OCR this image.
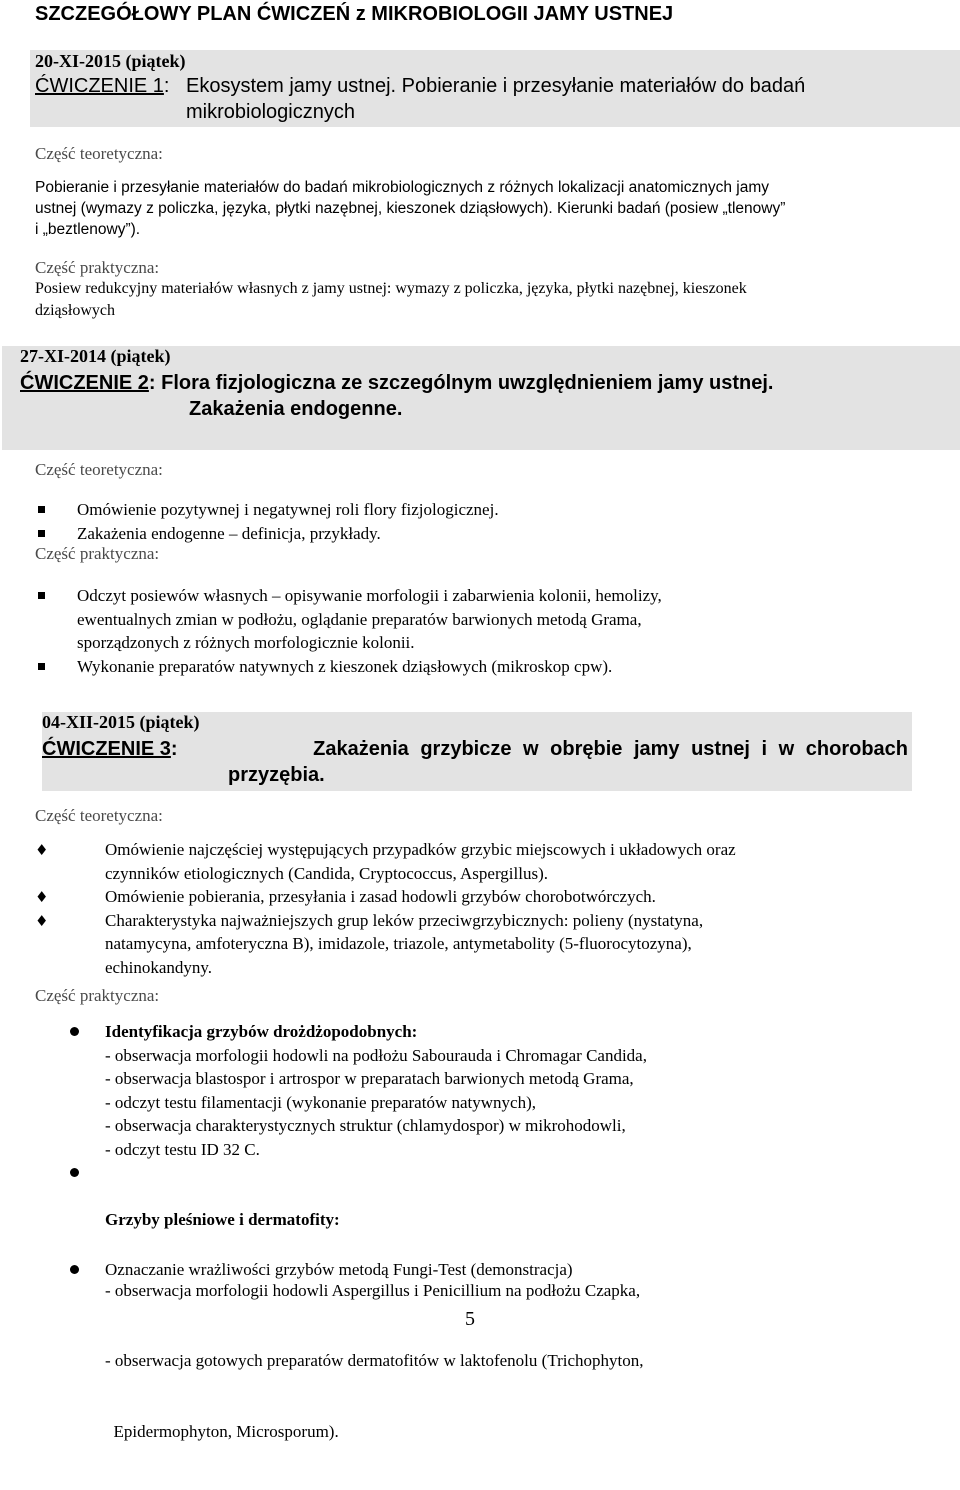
SZCZEGÓŁOWY PLAN ĆWICZEŃ z MIKROBIOLOGII JAMY USTNEJ
20-XI-2015 (piątek)
ĆWICZENIE 1: Ekosystem jamy ustnej. Pobieranie i przesyłanie materiałów do badań
mikrobiologicznych
Część teoretyczna:
Pobieranie i przesyłanie materiałów do badań mikrobiologicznych z różnych lokalizacji anatomicznych jamy
ustnej (wymazy z policzka, języka, płytki nazębnej, kieszonek dziąsłowych). Kierunki badań (posiew „tlenowy”
i „beztlenowy”).
Część praktyczna:
Posiew redukcyjny materiałów własnych z jamy ustnej: wymazy z policzka, języka, płytki nazębnej, kieszonek
dziąsłowych
27-XI-2014 (piątek)
ĆWICZENIE 2: Flora fizjologiczna ze szczególnym uwzględnieniem jamy ustnej.
Zakażenia endogenne.
Część teoretyczna:
Omówienie pozytywnej i negatywnej roli flory fizjologicznej.
Zakażenia endogenne – definicja, przykłady.
Część praktyczna:
Odczyt posiewów własnych – opisywanie morfologii i zabarwienia kolonii, hemolizy,
ewentualnych zmian w podłożu, oglądanie preparatów barwionych metodą Grama,
sporządzonych z różnych morfologicznie kolonii.
Wykonanie preparatów natywnych z kieszonek dziąsłowych (mikroskop cpw).
04-XII-2015 (piątek)
ĆWICZENIE 3:	Zakażenia grzybicze w obrębie jamy ustnej i w chorobach
przyzębia.
Część teoretyczna:
♦	Omówienie najczęściej występujących przypadków grzybic miejscowych i układowych oraz
czynników etiologicznych (Candida, Cryptococcus, Aspergillus).
♦	Omówienie pobierania, przesyłania i zasad hodowli grzybów chorobotwórczych.
♦	Charakterystyka najważniejszych grup leków przeciwgrzybicznych: polieny (nystatyna,
natamycyna, amfoteryczna B), imidazole, triazole, antymetabolity (5-fluorocytozyna),
echinokandyny.
Część praktyczna:
Identyfikacja grzybów drożdżopodobnych:
- obserwacja morfologii hodowli na podłożu Sabourauda i Chromagar Candida,
- obserwacja blastospor i artrospor w preparatach barwionych metodą Grama,
- odczyt testu filamentacji (wykonanie preparatów natywnych),
- obserwacja charakterystycznych struktur (chlamydospor) w mikrohodowli,
- odczyt testu ID 32 C.

Grzyby pleśniowe i dermatofity:

- obserwacja morfologii hodowli Aspergillus i Penicillium na podłożu Czapka,

- obserwacja gotowych preparatów dermatofitów w laktofenolu (Trichophyton,

Epidermophyton, Microsporum).

Oznaczanie wrażliwości grzybów metodą Fungi-Test (demonstracja)
5
